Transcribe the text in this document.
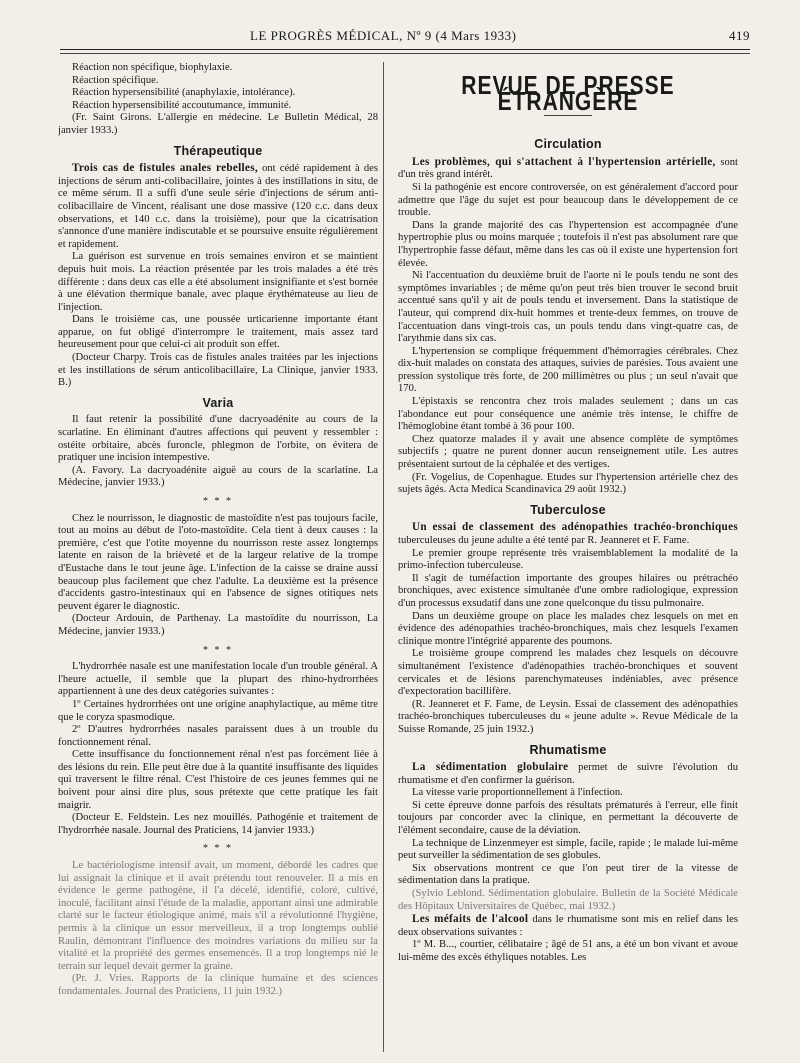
LE PROGRÈS MÉDICAL, Nº 9 (4 Mars 1933)	419

Réaction non spécifique, biophylaxie.

Réaction spécifique.

Réaction hypersensibilité (anaphylaxie, intolérance).

Réaction hypersensibilité accoutumance, immunité.

(Fr. Saint Girons. L'allergie en médecine. Le Bulletin Médical, 28 janvier 1933.)

Thérapeutique

Trois cas de fistules anales rebelles, ont cédé rapidement à des injections de sérum anti-colibacillaire, jointes à des instillations in situ, de ce même sérum. Il a suffi d'une seule série d'injections de sérum anti-colibacillaire de Vincent, réalisant une dose massive (120 c.c. dans deux observations, et 140 c.c. dans la troisième), pour que la cicatrisation s'annonce d'une manière indiscutable et se poursuive ensuite régulièrement et rapidement.

La guérison est survenue en trois semaines environ et se maintient depuis huit mois. La réaction présentée par les trois malades a été très différente : dans deux cas elle a été absolument insignifiante et s'est bornée à une élévation thermique banale, avec plaque érythémateuse au lieu de l'injection.

Dans le troisième cas, une poussée urticarienne importante étant apparue, on fut obligé d'interrompre le traitement, mais assez tard heureusement pour que celui-ci ait produit son effet.

(Docteur Charpy. Trois cas de fistules anales traitées par les injections et les instillations de sérum anticolibacillaire, La Clinique, janvier 1933. B.)

Varia

Il faut retenir la possibilité d'une dacryoadénite au cours de la scarlatine. En éliminant d'autres affections qui peuvent y ressembler : ostéite orbitaire, abcès furoncle, phlegmon de l'orbite, on évitera de pratiquer une incision intempestive.

(A. Favory. La dacryoadénite aiguë au cours de la scarlatine. La Médecine, janvier 1933.)

* * *

Chez le nourrisson, le diagnostic de mastoïdite n'est pas toujours facile, tout au moins au début de l'oto-mastoïdite. Cela tient à deux causes : la première, c'est que l'otite moyenne du nourrisson reste assez longtemps latente en raison de la brièveté et de la largeur relative de la trompe d'Eustache dans le tout jeune âge. L'infection de la caisse se draine aussi beaucoup plus facilement que chez l'adulte. La deuxième est la présence d'accidents gastro-intestinaux qui en l'absence de signes otitiques nets peuvent égarer le diagnostic.

(Docteur Ardouin, de Parthenay. La mastoïdite du nourrisson, La Médecine, janvier 1933.)

* * *

L'hydrorrhée nasale est une manifestation locale d'un trouble général. A l'heure actuelle, il semble que la plupart des rhino-hydrorrhées appartiennent à une des deux catégories suivantes :

1º Certaines hydrorrhées ont une origine anaphylactique, au même titre que le coryza spasmodique.

2º D'autres hydrorrhées nasales paraissent dues à un trouble du fonctionnement rénal.

Cette insuffisance du fonctionnement rénal n'est pas forcément liée à des lésions du rein. Elle peut être due à la quantité insuffisante des liquides qui traversent le filtre rénal. C'est l'histoire de ces jeunes femmes qui ne boivent pour ainsi dire plus, sous prétexte que cette pratique les fait maigrir.

(Docteur E. Feldstein. Les nez mouillés. Pathogénie et traitement de l'hydrorrhée nasale. Journal des Praticiens, 14 janvier 1933.)

* * *

Le bactériologisme intensif avait, un moment, débordé les cadres que lui assignait la clinique et il avait prétendu tout renouveler. Il a mis en évidence le germe pathogène, il l'a décelé, identifié, coloré, cultivé, inoculé, facilitant ainsi l'étude de la maladie, apportant ainsi une admirable clarté sur le facteur étiologique animé, mais s'il a révolutionné l'hygiène, permis à la clinique un essor merveilleux, il a trop longtemps oublié Raulin, démontrant l'influence des moindres variations du milieu sur la vitalité et la propriété des germes ensemencés. Il a trop longtemps nié le terrain sur lequel devait germer la graine.

(Pr. J. Vries. Rapports de la clinique humaine et des sciences fondamentales. Journal des Praticiens, 11 juin 1932.)

REVUE DE PRESSE ÉTRANGÈRE
Circulation

Les problèmes, qui s'attachent à l'hypertension artérielle, sont d'un très grand intérêt.

Si la pathogénie est encore controversée, on est généralement d'accord pour admettre que l'âge du sujet est pour beaucoup dans le développement de ce trouble.

Dans la grande majorité des cas l'hypertension est accompagnée d'une hypertrophie plus ou moins marquée ; toutefois il n'est pas absolument rare que l'hypertrophie fasse défaut, même dans les cas où il existe une hypertension fort élevée.

Ni l'accentuation du deuxième bruit de l'aorte ni le pouls tendu ne sont des symptômes invariables ; de même qu'on peut très bien trouver le second bruit accentué sans qu'il y ait de pouls tendu et inversement. Dans la statistique de l'auteur, qui comprend dix-huit hommes et trente-deux femmes, on trouve de l'accentuation dans vingt-trois cas, un pouls tendu dans vingt-quatre cas, de l'arythmie dans six cas.

L'hypertension se complique fréquemment d'hémorragies cérébrales. Chez dix-huit malades on constata des attaques, suivies de parésies. Tous avaient une pression systolique très forte, de 200 millimètres ou plus ; un seul n'avait que 170.

L'épistaxis se rencontra chez trois malades seulement ; dans un cas l'abondance eut pour conséquence une anémie très intense, le chiffre de l'hémoglobine étant tombé à 36 pour 100.

Chez quatorze malades il y avait une absence complète de symptômes subjectifs ; quatre ne purent donner aucun renseignement utile. Les autres présentaient surtout de la céphalée et des vertiges.

(Fr. Vogelius, de Copenhague. Etudes sur l'hypertension artérielle chez des sujets âgés. Acta Medica Scandinavica 29 août 1932.)

Tuberculose

Un essai de classement des adénopathies trachéo-bronchiques tuberculeuses du jeune adulte a été tenté par R. Jeanneret et F. Fame.

Le premier groupe représente très vraisemblablement la modalité de la primo-infection tuberculeuse.

Il s'agit de tuméfaction importante des groupes hilaires ou prétrachéo bronchiques, avec existence simultanée d'une ombre radiologique, expression d'un processus exsudatif dans une zone quelconque du tissu pulmonaire.

Dans un deuxième groupe on place les malades chez lesquels on met en évidence des adénopathies trachéo-bronchiques, mais chez lesquels l'examen clinique montre l'intégrité apparente des poumons.

Le troisième groupe comprend les malades chez lesquels on découvre simultanément l'existence d'adénopathies trachéo-bronchiques et souvent cervicales et de lésions parenchymateuses indéniables, avec présence d'expectoration bacillifère.

(R. Jeanneret et F. Fame, de Leysin. Essai de classement des adénopathies trachéo-bronchiques tuberculeuses du « jeune adulte ». Revue Médicale de la Suisse Romande, 25 juin 1932.)

Rhumatisme

La sédimentation globulaire permet de suivre l'évolution du rhumatisme et d'en confirmer la guérison.

La vitesse varie proportionnellement à l'infection.

Si cette épreuve donne parfois des résultats prématurés à l'erreur, elle finit toujours par concorder avec la clinique, en permettant la découverte de l'élément secondaire, cause de la déviation.

La technique de Linzenmeyer est simple, facile, rapide ; le malade lui-même peut surveiller la sédimentation de ses globules.

Six observations montrent ce que l'on peut tirer de la vitesse de sédimentation dans la pratique.

(Sylvio Leblond. Sédimentation globulaire. Bulletin de la Société Médicale des Hôpitaux Universitaires de Québec, mai 1932.)

Les méfaits de l'alcool dans le rhumatisme sont mis en relief dans les deux observations suivantes :

1º M. B..., courtier, célibataire ; âgé de 51 ans, a été un bon vivant et avoue lui-même des excès éthyliques notables. Les
